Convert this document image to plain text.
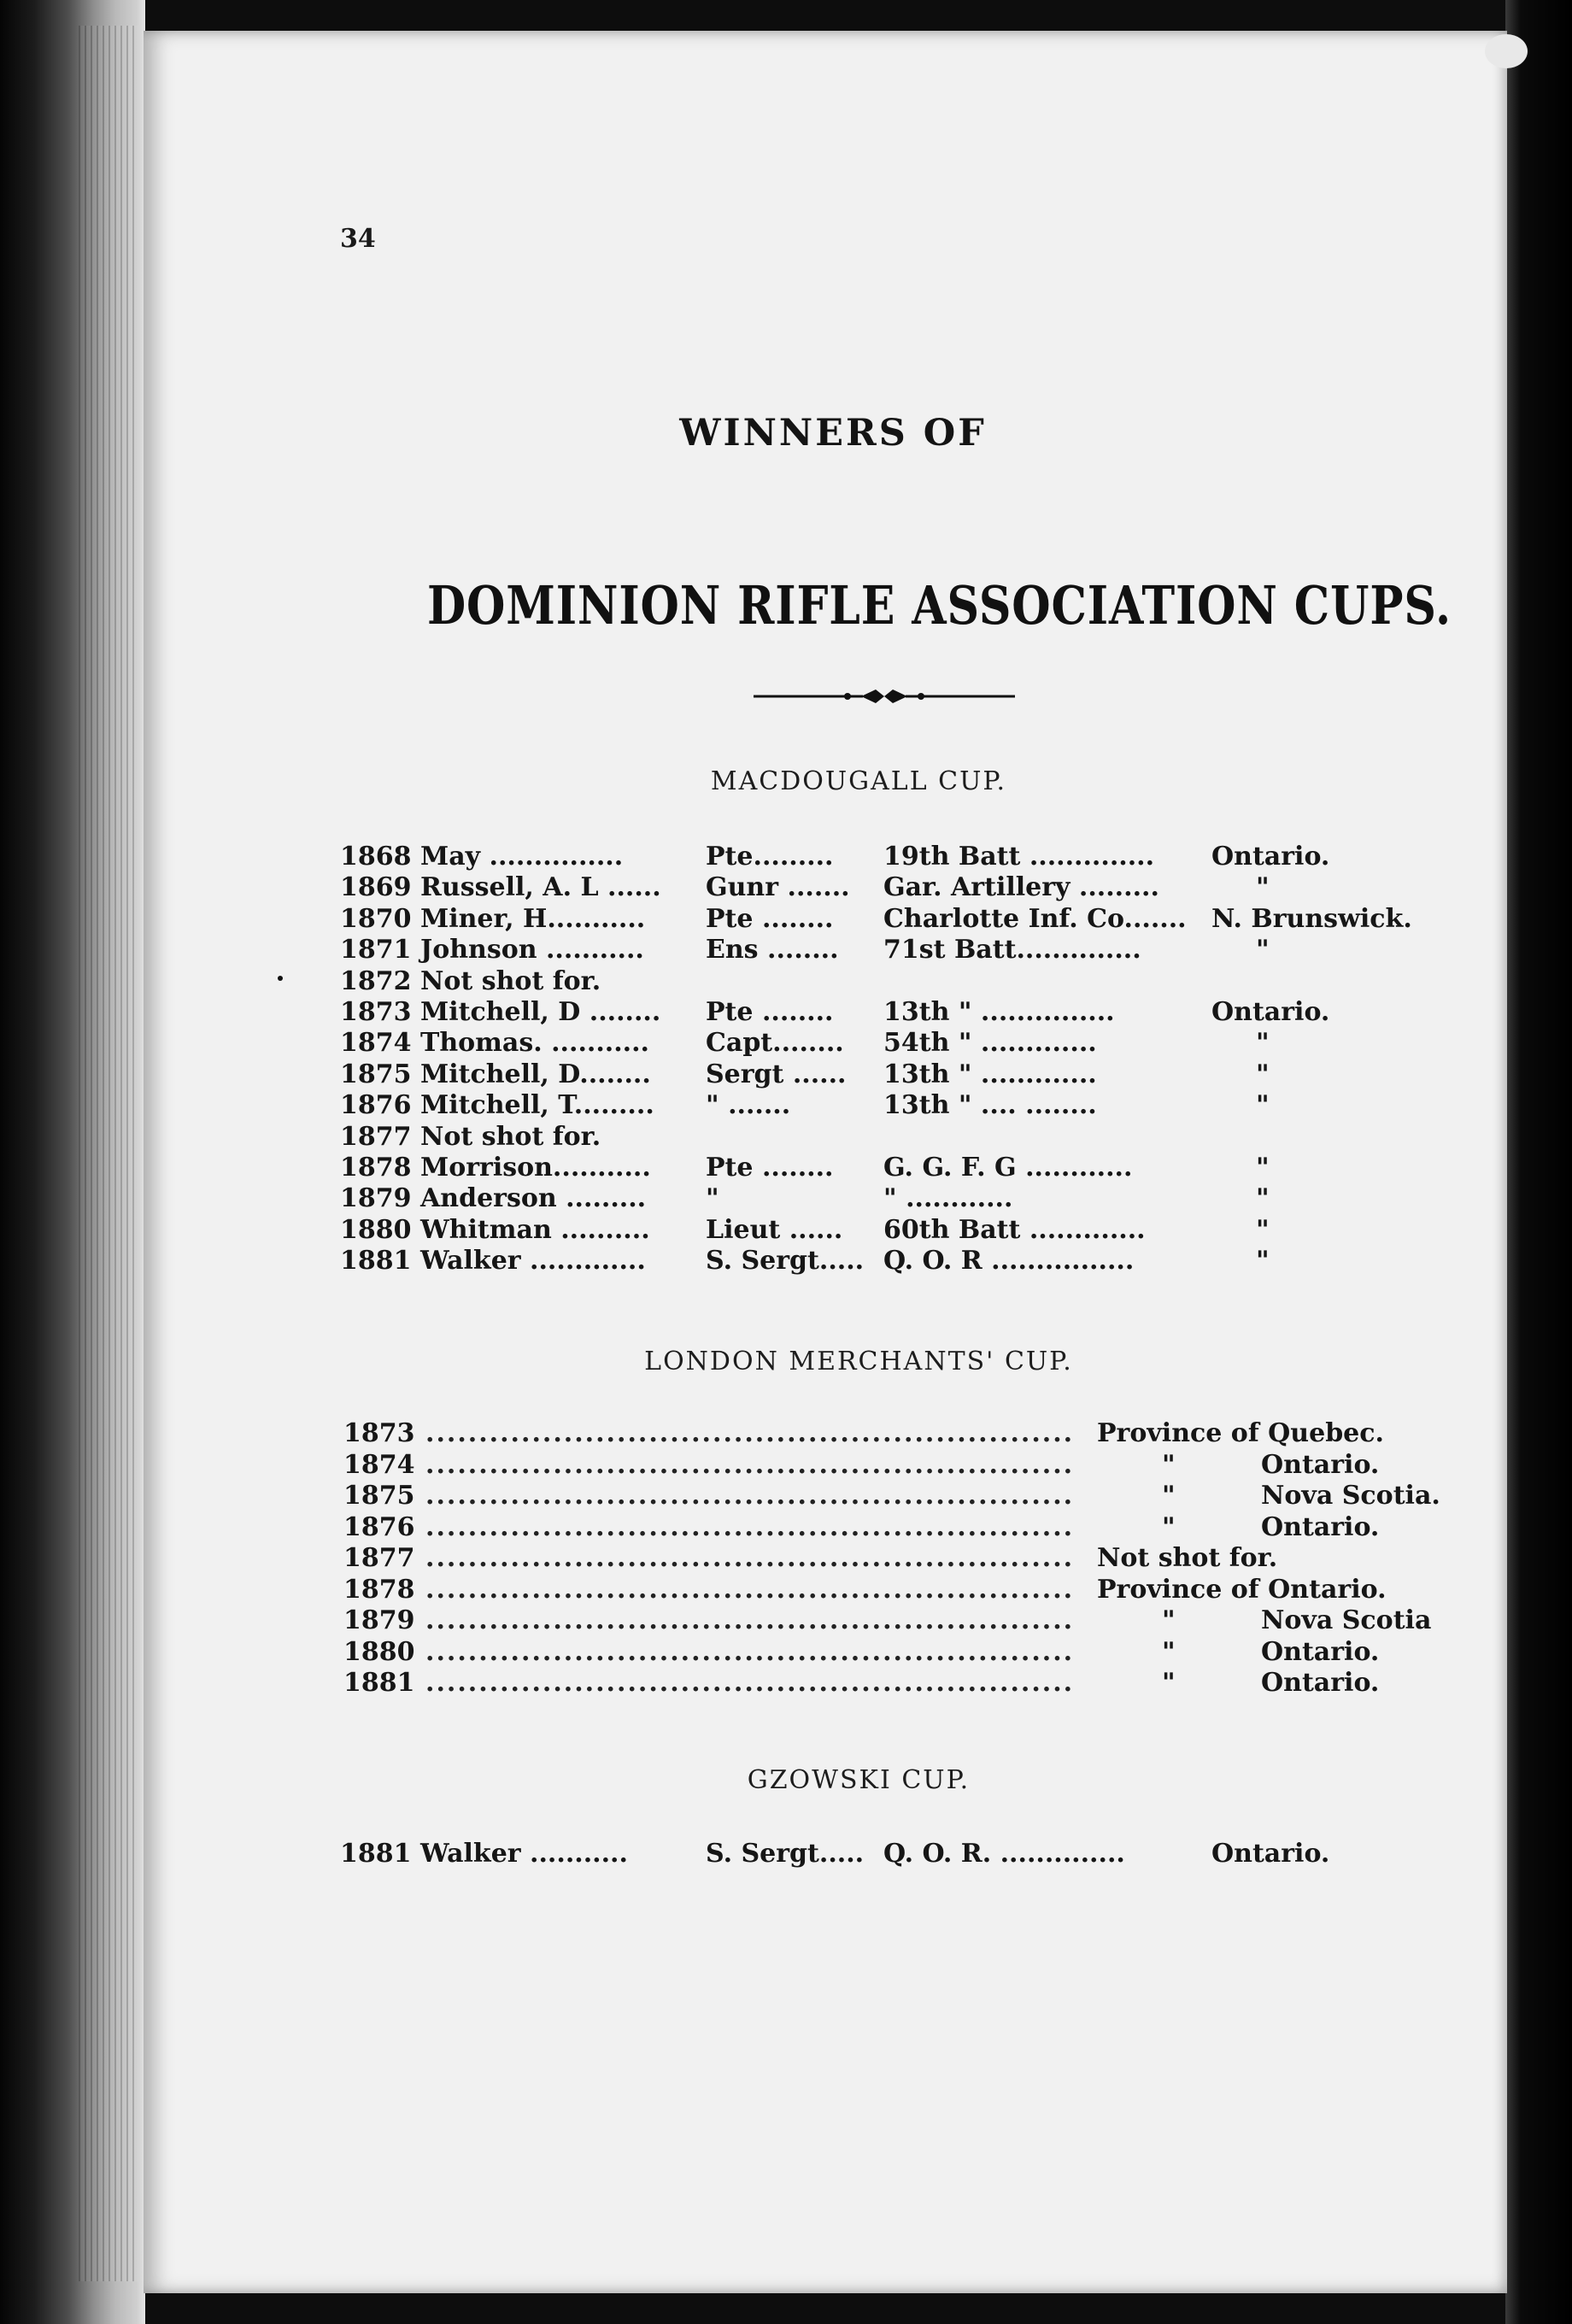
34
WINNERS OF
DOMINION RIFLE ASSOCIATION CUPS.
MACDOUGALL CUP.
1868 May ...............	Pte......... 19th Batt .............. Ontario.
1869 Russell, A. L ...... Gunr ....... Gar. Artillery .........	"
1870 Miner, H........... Pte ........ Charlotte Inf. Co....... N. Brunswick.
1871 Johnson ........... Ens ........ 71st Batt..............	"
1872 Not shot for.
1873 Mitchell, D ........ Pte ........ 13th " ...............	Ontario.
1874 Thomas. ........... Capt........ 54th " .............	"
1875 Mitchell, D........ Sergt ...... 13th " .............	"
1876 Mitchell, T......... " .......	13th " .... ........	"
1877 Not shot for.
1878 Morrison........... Pte ........ G. G. F. G ............	"
1879 Anderson ......... "	" ............	"
1880 Whitman .......... Lieut ...... 60th Batt .............	"
1881 Walker ............. S. Sergt..... Q. O. R ................	"
LONDON MERCHANTS' CUP.
1873 ............................................................. Province of Quebec.
1874 .............................................................	"	Ontario.
1875 .............................................................	"	Nova Scotia.
1876 .............................................................	"	Ontario.
1877 ............................................................. Not shot for.
1878 ............................................................. Province of Ontario.
1879 .............................................................	"	Nova Scotia
1880 .............................................................	"	Ontario.
1881 .............................................................	"	Ontario.
GZOWSKI CUP.
1881 Walker ...........	S. Sergt..... Q. O. R. ..............	Ontario.
